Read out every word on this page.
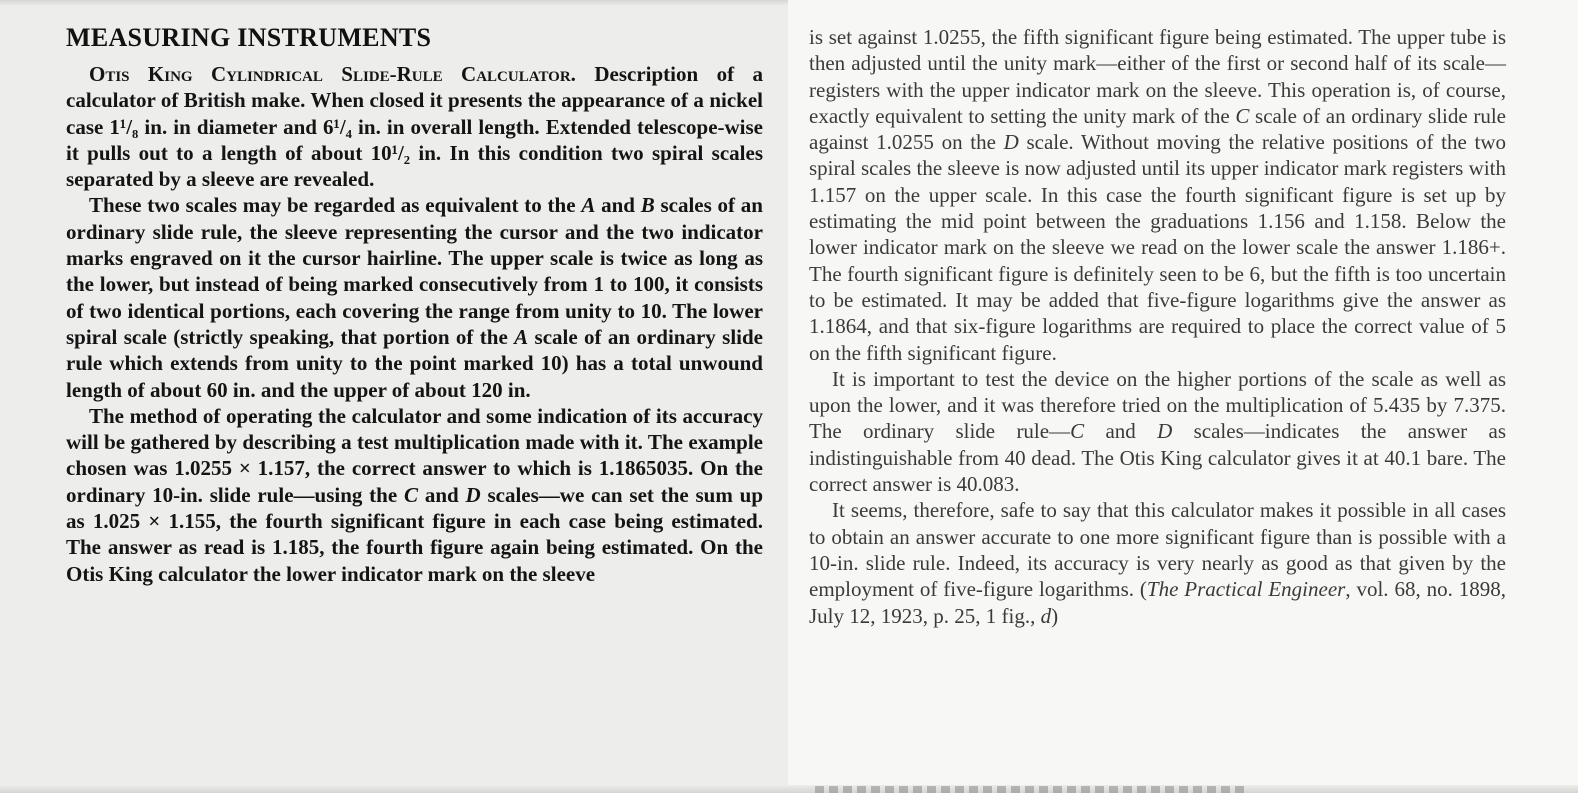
MEASURING INSTRUMENTS

Otis King Cylindrical Slide-Rule Calculator. Description of a calculator of British make. When closed it presents the appearance of a nickel case 1¹/₈ in. in diameter and 6¹/₄ in. in overall length. Extended telescope-wise it pulls out to a length of about 10¹/₂ in. In this condition two spiral scales separated by a sleeve are revealed.

These two scales may be regarded as equivalent to the A and B scales of an ordinary slide rule, the sleeve representing the cursor and the two indicator marks engraved on it the cursor hairline. The upper scale is twice as long as the lower, but instead of being marked consecutively from 1 to 100, it consists of two identical portions, each covering the range from unity to 10. The lower spiral scale (strictly speaking, that portion of the A scale of an ordinary slide rule which extends from unity to the point marked 10) has a total unwound length of about 60 in. and the upper of about 120 in.

The method of operating the calculator and some indication of its accuracy will be gathered by describing a test multiplication made with it. The example chosen was 1.0255 × 1.157, the correct answer to which is 1.1865035. On the ordinary 10-in. slide rule—using the C and D scales—we can set the sum up as 1.025 × 1.155, the fourth significant figure in each case being estimated. The answer as read is 1.185, the fourth figure again being estimated. On the Otis King calculator the lower indicator mark on the sleeve

is set against 1.0255, the fifth significant figure being estimated. The upper tube is then adjusted until the unity mark—either of the first or second half of its scale—registers with the upper indicator mark on the sleeve. This operation is, of course, exactly equivalent to setting the unity mark of the C scale of an ordinary slide rule against 1.0255 on the D scale. Without moving the relative positions of the two spiral scales the sleeve is now adjusted until its upper indicator mark registers with 1.157 on the upper scale. In this case the fourth significant figure is set up by estimating the mid point between the graduations 1.156 and 1.158. Below the lower indicator mark on the sleeve we read on the lower scale the answer 1.186+. The fourth significant figure is definitely seen to be 6, but the fifth is too uncertain to be estimated. It may be added that five-figure logarithms give the answer as 1.1864, and that six-figure logarithms are required to place the correct value of 5 on the fifth significant figure.

It is important to test the device on the higher portions of the scale as well as upon the lower, and it was therefore tried on the multiplication of 5.435 by 7.375. The ordinary slide rule—C and D scales—indicates the answer as indistinguishable from 40 dead. The Otis King calculator gives it at 40.1 bare. The correct answer is 40.083.

It seems, therefore, safe to say that this calculator makes it possible in all cases to obtain an answer accurate to one more significant figure than is possible with a 10-in. slide rule. Indeed, its accuracy is very nearly as good as that given by the employment of five-figure logarithms. (The Practical Engineer, vol. 68, no. 1898, July 12, 1923, p. 25, 1 fig., d)
